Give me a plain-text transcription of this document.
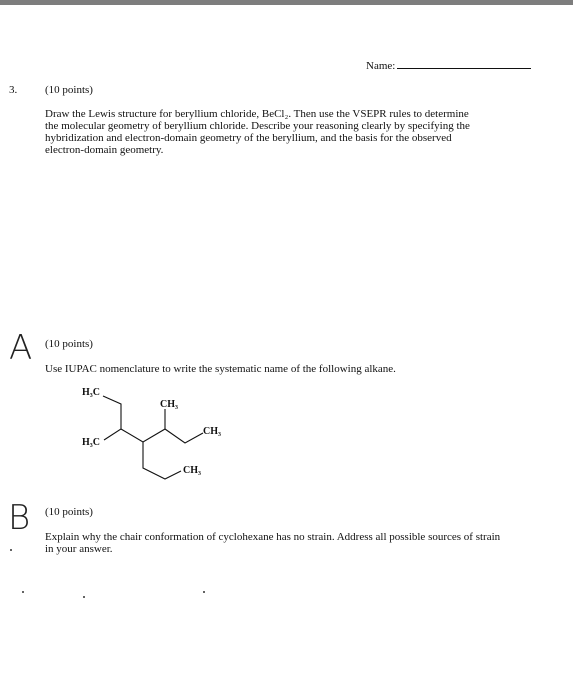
Name:
3.	(10 points)
Draw the Lewis structure for beryllium chloride, BeCl₂. Then use the VSEPR rules to determine
the molecular geometry of beryllium chloride. Describe your reasoning clearly by specifying the
hybridization and electron-domain geometry of the beryllium, and the basis for the observed
electron-domain geometry.
A (10 points)
Use IUPAC nomenclature to write the systematic name of the following alkane.
H₃C
H₃C
CH₃
CH₃
CH₃
B (10 points)
Explain why the chair conformation of cyclohexane has no strain. Address all possible sources of strain
in your answer.
